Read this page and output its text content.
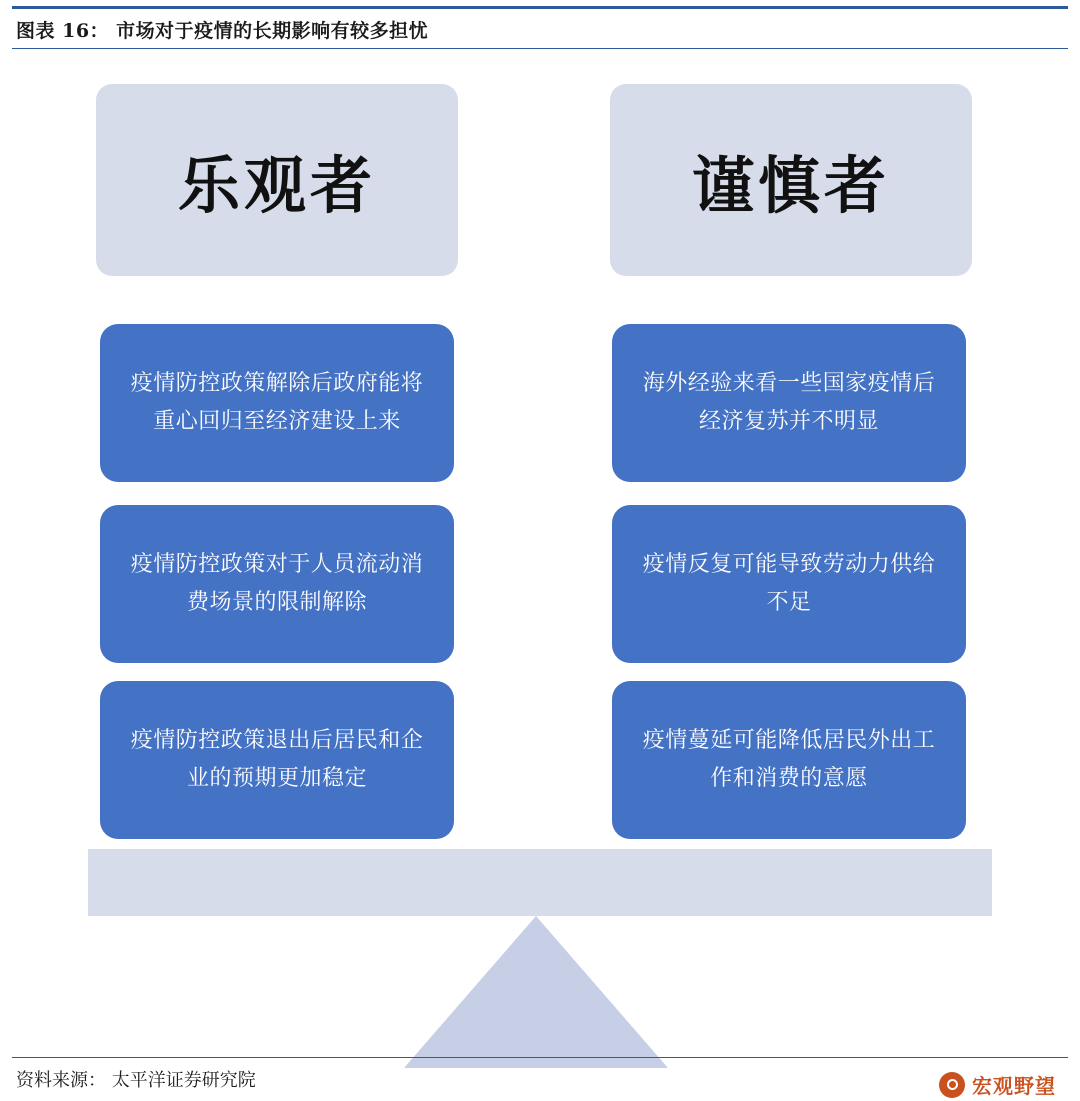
图表 16： 市场对于疫情的长期影响有较多担忧
乐观者
疫情防控政策解除后政府能将重心回归至经济建设上来
疫情防控政策对于人员流动消费场景的限制解除
疫情防控政策退出后居民和企业的预期更加稳定
谨慎者
海外经验来看一些国家疫情后经济复苏并不明显
疫情反复可能导致劳动力供给不足
疫情蔓延可能降低居民外出工作和消费的意愿
宏观野望
资料来源： 太平洋证券研究院
